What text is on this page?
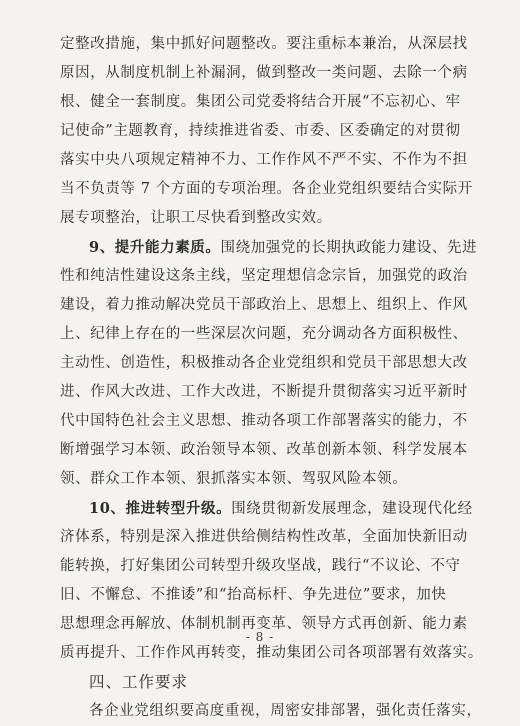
定整改措施，集中抓好问题整改。要注重标本兼治，从深层找
原因，从制度机制上补漏洞，做到整改一类问题、去除一个病
根、健全一套制度。集团公司党委将结合开展“不忘初心、牢
记使命”主题教育，持续推进省委、市委、区委确定的对贯彻
落实中央八项规定精神不力、工作作风不严不实、不作为不担
当不负责等 7 个方面的专项治理。各企业党组织要结合实际开
展专项整治，让职工尽快看到整改实效。
9、提升能力素质。围绕加强党的长期执政能力建设、先进
性和纯洁性建设这条主线，坚定理想信念宗旨，加强党的政治
建设，着力推动解决党员干部政治上、思想上、组织上、作风
上、纪律上存在的一些深层次问题，充分调动各方面积极性、
主动性、创造性，积极推动各企业党组织和党员干部思想大改
进、作风大改进、工作大改进，不断提升贯彻落实习近平新时
代中国特色社会主义思想、推动各项工作部署落实的能力，不
断增强学习本领、政治领导本领、改革创新本领、科学发展本
领、群众工作本领、狠抓落实本领、驾驭风险本领。
10、推进转型升级。围绕贯彻新发展理念，建设现代化经
济体系，特别是深入推进供给侧结构性改革，全面加快新旧动
能转换，打好集团公司转型升级攻坚战，践行“不议论、不守
旧、不懈怠、不推诿”和“抬高标杆、争先进位”要求，加快
思想理念再解放、体制机制再变革、领导方式再创新、能力素
质再提升、工作作风再转变，推动集团公司各项部署有效落实。
四、工作要求
各企业党组织要高度重视，周密安排部署，强化责任落实，
- 8 -
